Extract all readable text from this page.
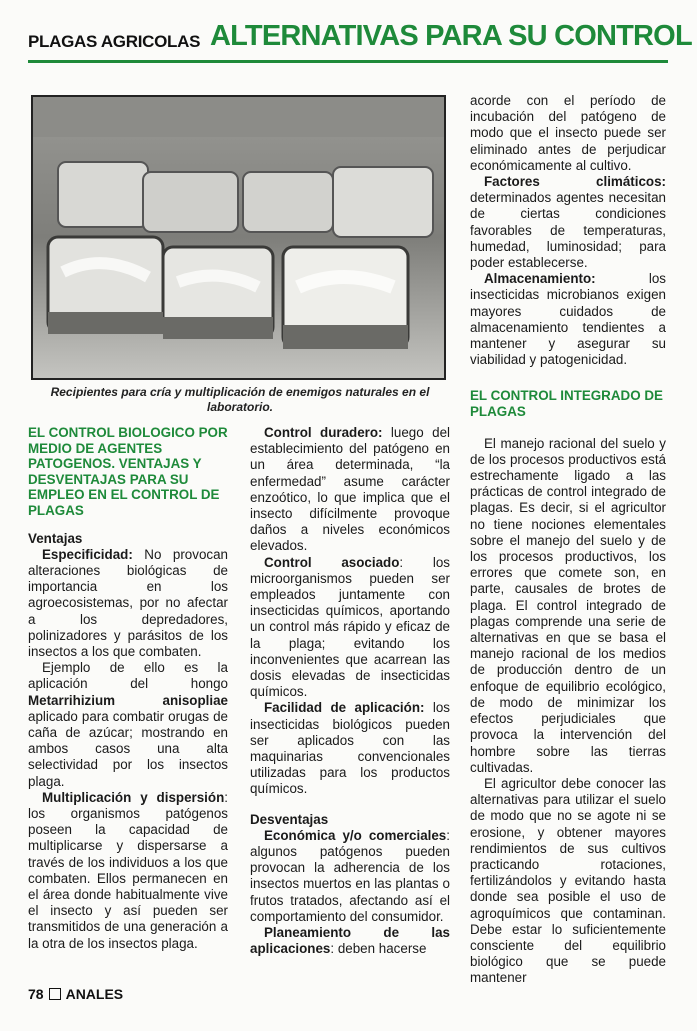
PLAGAS AGRICOLAS ALTERNATIVAS PARA SU CONTROL
Recipientes para cría y multiplicación de enemigos naturales en el laboratorio.

EL CONTROL BIOLOGICO POR MEDIO DE AGENTES PATOGENOS. VENTAJAS Y DESVENTAJAS PARA SU EMPLEO EN EL CONTROL DE PLAGAS

Ventajas

Especificidad: No provocan alteraciones biológicas de importancia en los agroecosistemas, por no afectar a los depredadores, polinizadores y parásitos de los insectos a los que combaten.

Ejemplo de ello es la aplicación del hongo Metarrihizium anisopliae aplicado para combatir orugas de caña de azúcar; mostrando en ambos casos una alta selectividad por los insectos plaga.

Multiplicación y dispersión: los organismos patógenos poseen la capacidad de multiplicarse y dispersarse a través de los individuos a los que combaten. Ellos permanecen en el área donde habitualmente vive el insecto y así pueden ser transmitidos de una generación a la otra de los insectos plaga.

Control duradero: luego del establecimiento del patógeno en un área determinada, “la enfermedad” asume carácter enzoótico, lo que implica que el insecto difícilmente provoque daños a niveles económicos elevados.

Control asociado: los microorganismos pueden ser empleados juntamente con insecticidas químicos, aportando un control más rápido y eficaz de la plaga; evitando los inconvenientes que acarrean las dosis elevadas de insecticidas químicos.

Facilidad de aplicación: los insecticidas biológicos pueden ser aplicados con las maquinarias convencionales utilizadas para los productos químicos.

Desventajas

Económica y/o comerciales: algunos patógenos pueden provocan la adherencia de los insectos muertos en las plantas o frutos tratados, afectando así el comportamiento del consumidor.

Planeamiento de las aplicaciones: deben hacerse

acorde con el período de incubación del patógeno de modo que el insecto puede ser eliminado antes de perjudicar económicamente al cultivo.

Factores climáticos: determinados agentes necesitan de ciertas condiciones favorables de temperaturas, humedad, luminosidad; para poder establecerse.

Almacenamiento: los insecticidas microbianos exigen mayores cuidados de almacenamiento tendientes a mantener y asegurar su viabilidad y patogenicidad.

EL CONTROL INTEGRADO DE PLAGAS

El manejo racional del suelo y de los procesos productivos está estrechamente ligado a las prácticas de control integrado de plagas. Es decir, si el agricultor no tiene nociones elementales sobre el manejo del suelo y de los procesos productivos, los errores que comete son, en parte, causales de brotes de plaga. El control integrado de plagas comprende una serie de alternativas en que se basa el manejo racional de los medios de producción dentro de un enfoque de equilibrio ecológico, de modo de minimizar los efectos perjudiciales que provoca la intervención del hombre sobre las tierras cultivadas.

El agricultor debe conocer las alternativas para utilizar el suelo de modo que no se agote ni se erosione, y obtener mayores rendimientos de sus cultivos practicando rotaciones, fertilizándolos y evitando hasta donde sea posible el uso de agroquímicos que contaminan. Debe estar lo suficientemente consciente del equilibrio biológico que se puede mantener

78 ANALES
